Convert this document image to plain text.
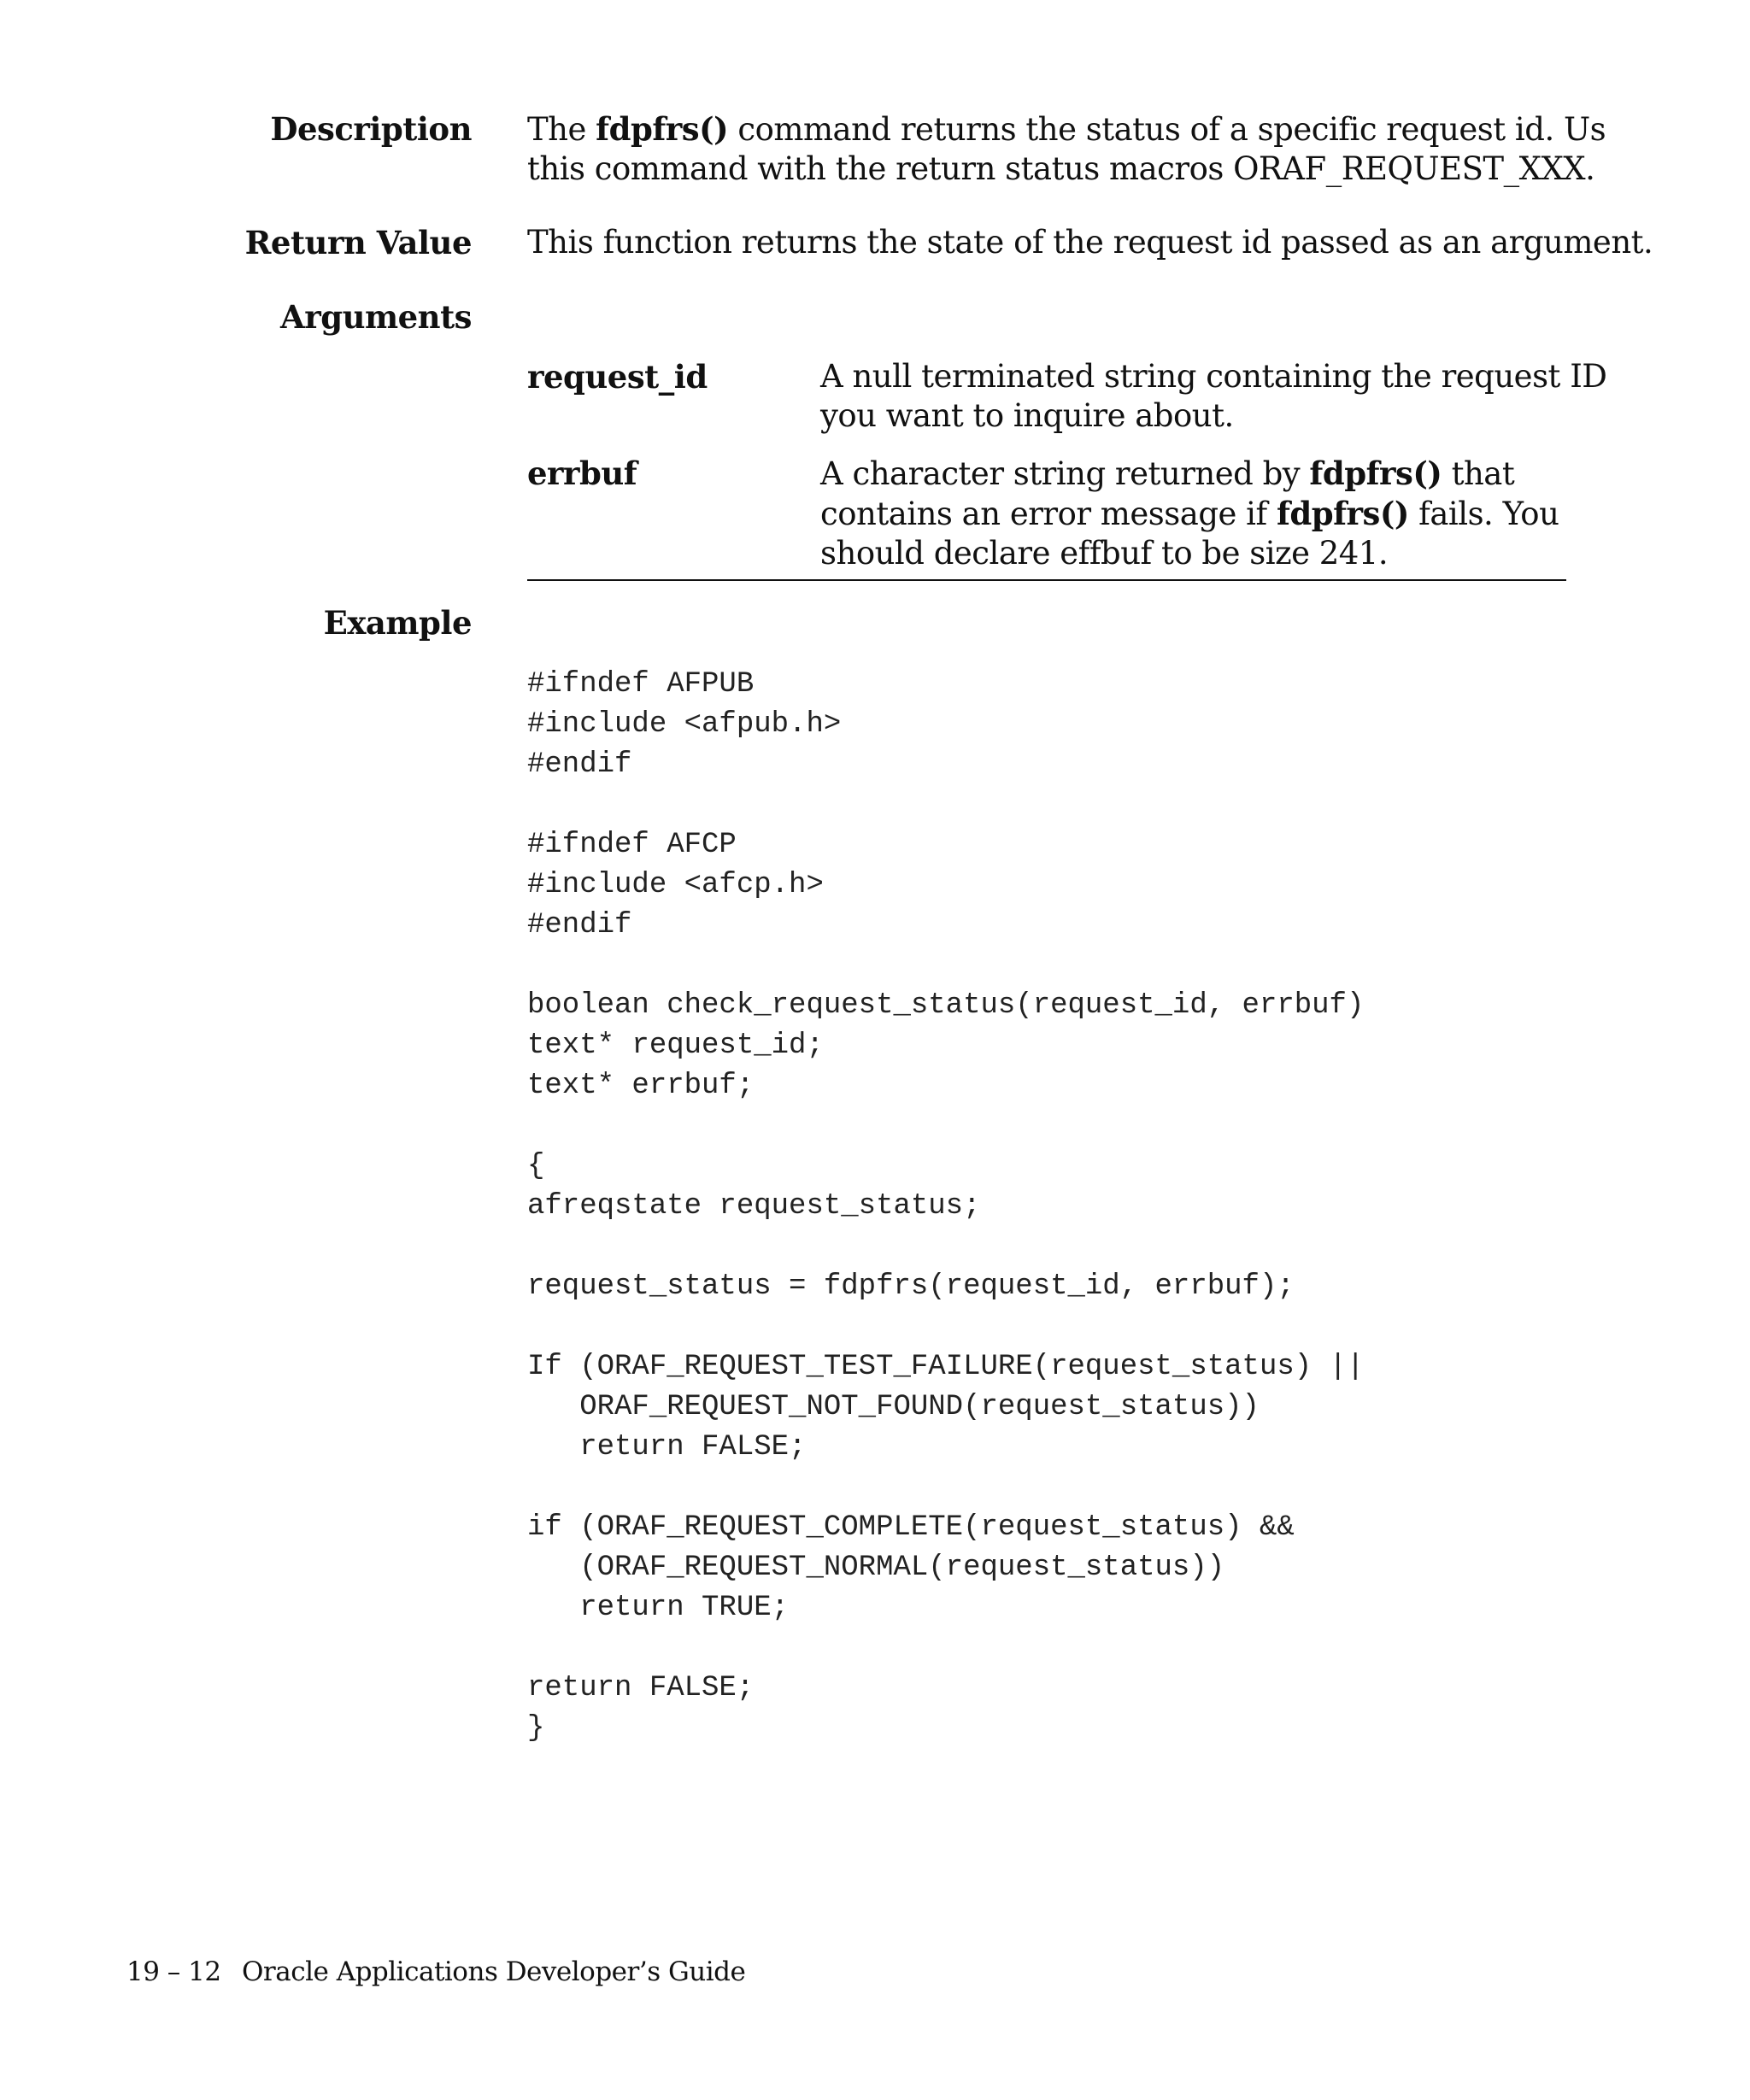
Description The fdpfrs() command returns the status of a specific request id. Us
this command with the return status macros ORAF_REQUEST_XXX.
Return Value This function returns the state of the request id passed as an argument.
Arguments
request_id	A null terminated string containing the request ID
you want to inquire about.
errbuf	A character string returned by fdpfrs() that
contains an error message if fdpfrs() fails. You
should declare effbuf to be size 241.
Example
#ifndef AFPUB
#include <afpub.h>
#endif
#ifndef AFCP
#include <afcp.h>
#endif
boolean check_request_status(request_id, errbuf)
text* request_id;
text* errbuf;
{
afreqstate request_status;
request_status = fdpfrs(request_id, errbuf);
If (ORAF_REQUEST_TEST_FAILURE(request_status) ||
ORAF_REQUEST_NOT_FOUND(request_status))
return FALSE;
if (ORAF_REQUEST_COMPLETE(request_status) &&
(ORAF_REQUEST_NORMAL(request_status))
return TRUE;
return FALSE;
}
19 – 12 Oracle Applications Developer’s Guide
